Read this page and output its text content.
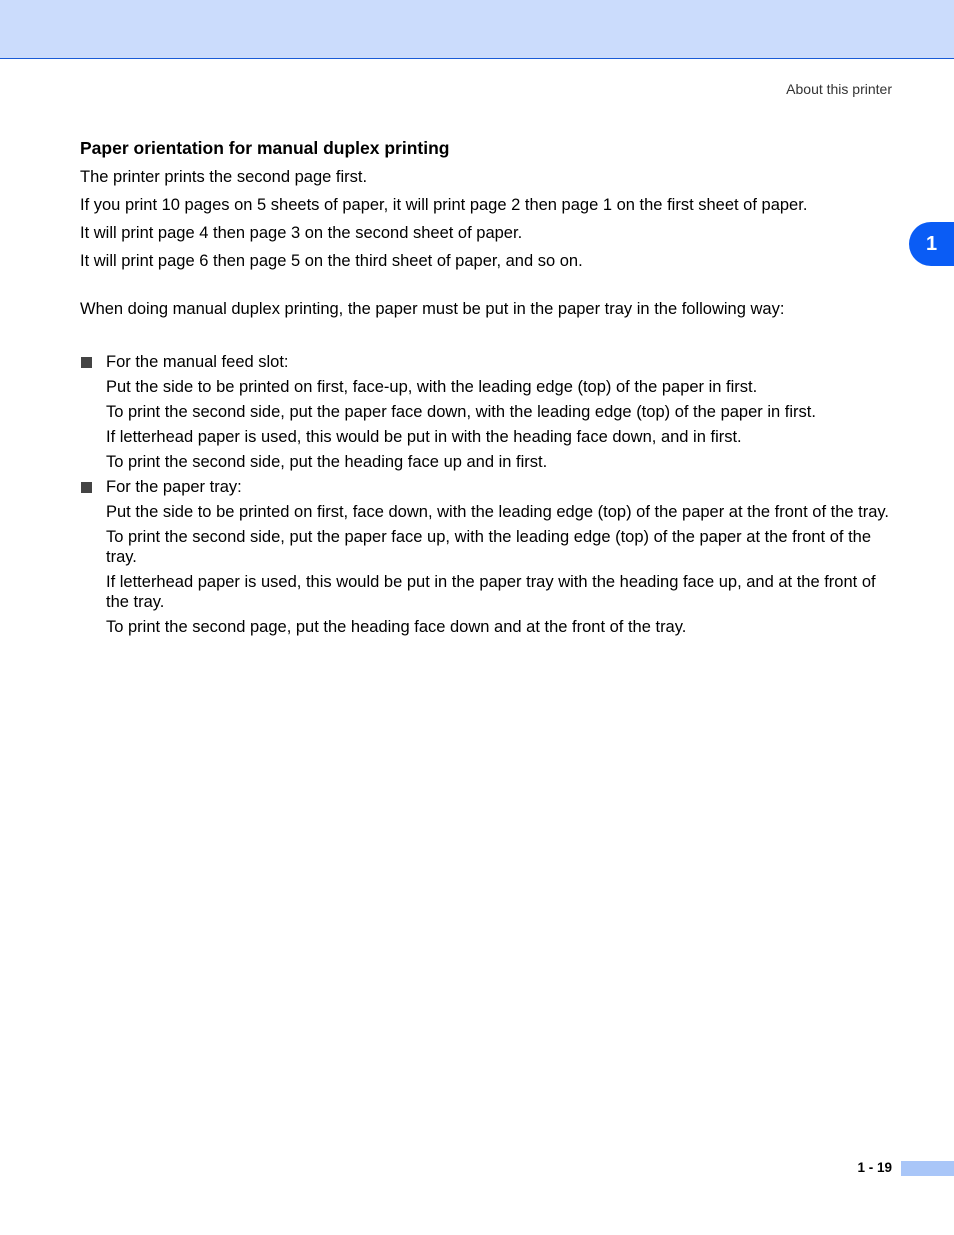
About this printer
1
Paper orientation for manual duplex printing

The printer prints the second page first.

If you print 10 pages on 5 sheets of paper, it will print page 2 then page 1 on the first sheet of paper.

It will print page 4 then page 3 on the second sheet of paper.

It will print page 6 then page 5 on the third sheet of paper, and so on.

When doing manual duplex printing, the paper must be put in the paper tray in the following way:

For the manual feed slot:

Put the side to be printed on first, face-up, with the leading edge (top) of the paper in first.

To print the second side, put the paper face down, with the leading edge (top) of the paper in first.

If letterhead paper is used, this would be put in with the heading face down, and in first.

To print the second side, put the heading face up and in first.

For the paper tray:

Put the side to be printed on first, face down, with the leading edge (top) of the paper at the front of the tray.

To print the second side, put the paper face up, with the leading edge (top) of the paper at the front of the tray.

If letterhead paper is used, this would be put in the paper tray with the heading face up, and at the front of the tray.

To print the second page, put the heading face down and at the front of the tray.

1 - 19
